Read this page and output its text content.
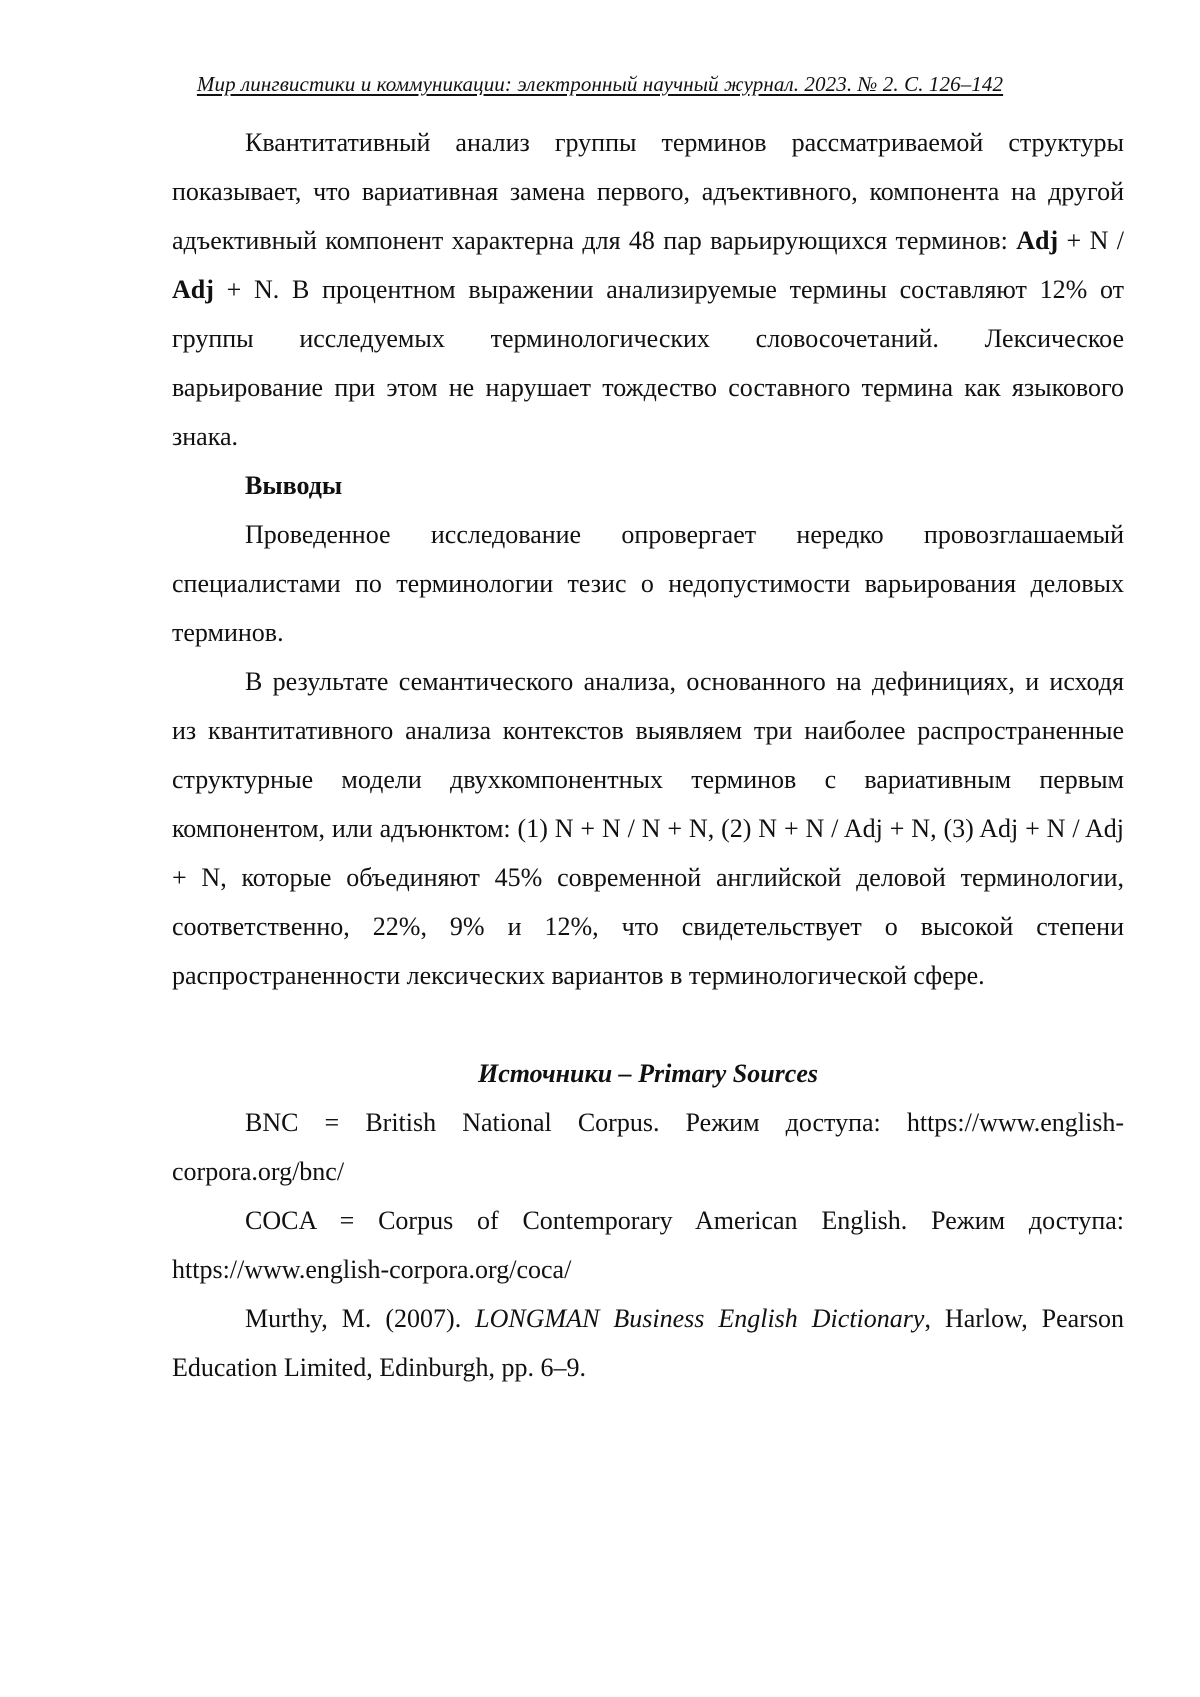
Мир лингвистики и коммуникации: электронный научный журнал. 2023. № 2. С. 126–142

Квантитативный анализ группы терминов рассматриваемой структуры показывает, что вариативная замена первого, адъективного, компонента на другой адъективный компонент характерна для 48 пар варьирующихся терминов: Adj + N / Adj + N. В процентном выражении анализируемые термины составляют 12% от группы исследуемых терминологических словосочетаний. Лексическое варьирование при этом не нарушает тождество составного термина как языкового знака.

Выводы

Проведенное исследование опровергает нередко провозглашаемый специалистами по терминологии тезис о недопустимости варьирования деловых терминов.

В результате семантического анализа, основанного на дефинициях, и исходя из квантитативного анализа контекстов выявляем три наиболее распространенные структурные модели двухкомпонентных терминов с вариативным первым компонентом, или адъюнктом: (1) N + N / N + N, (2) N + N / Adj + N, (3) Adj + N / Adj + N, которые объединяют 45% современной английской деловой терминологии, соответственно, 22%, 9% и 12%, что свидетельствует о высокой степени распространенности лексических вариантов в терминологической сфере.

Источники – Primary Sources

BNC = British National Corpus. Режим доступа: https://www.english-corpora.org/bnc/

COCA = Corpus of Contemporary American English. Режим доступа: https://www.english-corpora.org/coca/

Murthy, M. (2007). LONGMAN Business English Dictionary, Harlow, Pearson Education Limited, Edinburgh, pp. 6–9.
